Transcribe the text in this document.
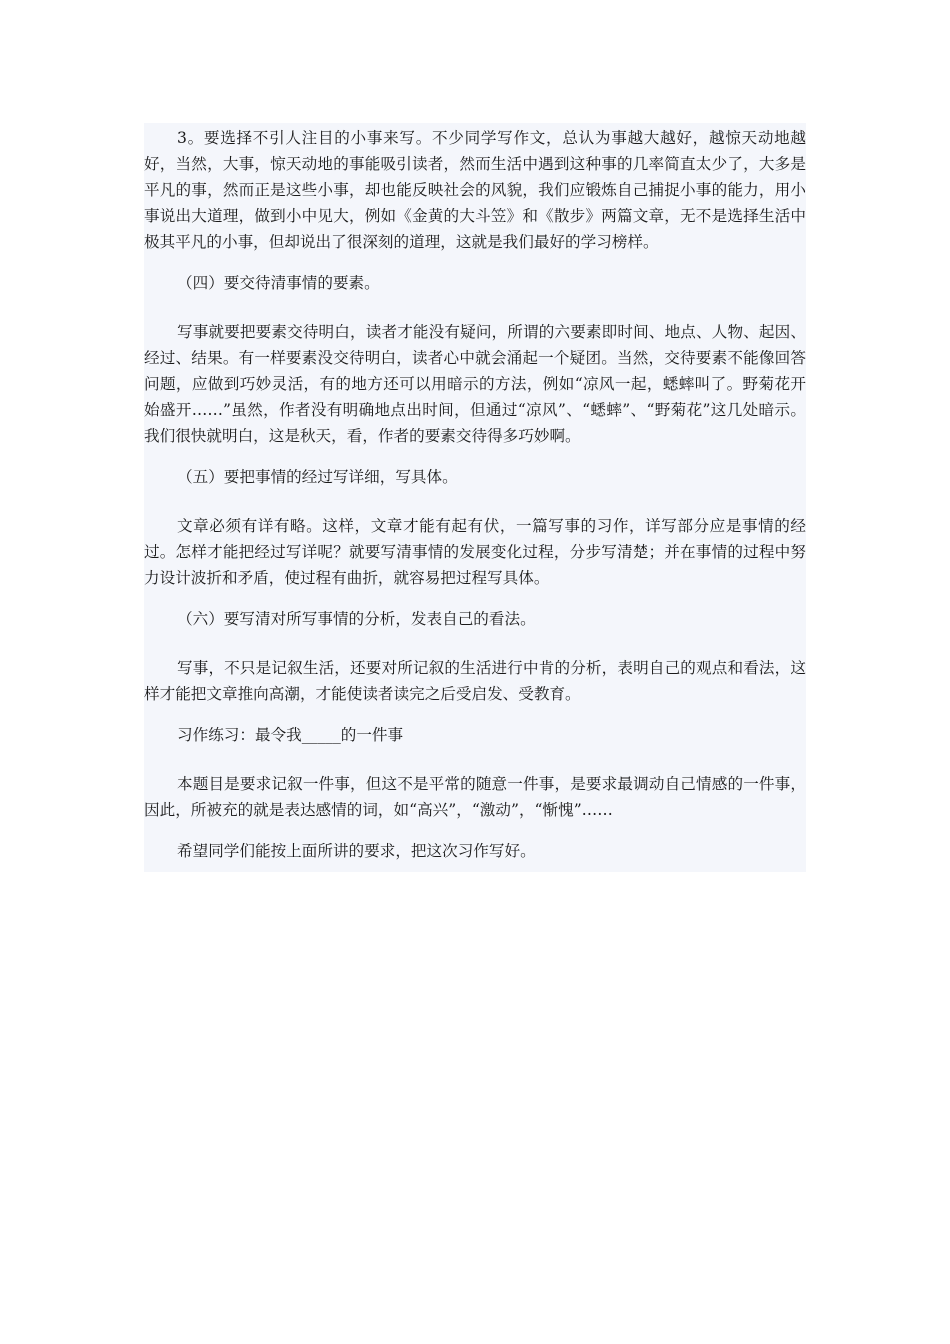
3。要选择不引人注目的小事来写。不少同学写作文，总认为事越大越好，越惊天动地越好，当然，大事，惊天动地的事能吸引读者，然而生活中遇到这种事的几率简直太少了，大多是平凡的事，然而正是这些小事，却也能反映社会的风貌，我们应锻炼自己捕捉小事的能力，用小事说出大道理，做到小中见大，例如《金黄的大斗笠》和《散步》两篇文章，无不是选择生活中极其平凡的小事，但却说出了很深刻的道理，这就是我们最好的学习榜样。

（四）要交待清事情的要素。

写事就要把要素交待明白，读者才能没有疑问，所谓的六要素即时间、地点、人物、起因、经过、结果。有一样要素没交待明白，读者心中就会涌起一个疑团。当然，交待要素不能像回答问题，应做到巧妙灵活，有的地方还可以用暗示的方法，例如“凉风一起，蟋蟀叫了。野菊花开始盛开……”虽然，作者没有明确地点出时间，但通过“凉风”、“蟋蟀”、“野菊花”这几处暗示。我们很快就明白，这是秋天，看，作者的要素交待得多巧妙啊。

（五）要把事情的经过写详细，写具体。

文章必须有详有略。这样，文章才能有起有伏，一篇写事的习作，详写部分应是事情的经过。怎样才能把经过写详呢？就要写清事情的发展变化过程，分步写清楚；并在事情的过程中努力设计波折和矛盾，使过程有曲折，就容易把过程写具体。

（六）要写清对所写事情的分析，发表自己的看法。

写事，不只是记叙生活，还要对所记叙的生活进行中肯的分析，表明自己的观点和看法，这样才能把文章推向高潮，才能使读者读完之后受启发、受教育。

习作练习：最令我_____的一件事

本题目是要求记叙一件事，但这不是平常的随意一件事，是要求最调动自己情感的一件事，因此，所被充的就是表达感情的词，如“高兴”，“激动”，“惭愧”……

希望同学们能按上面所讲的要求，把这次习作写好。
